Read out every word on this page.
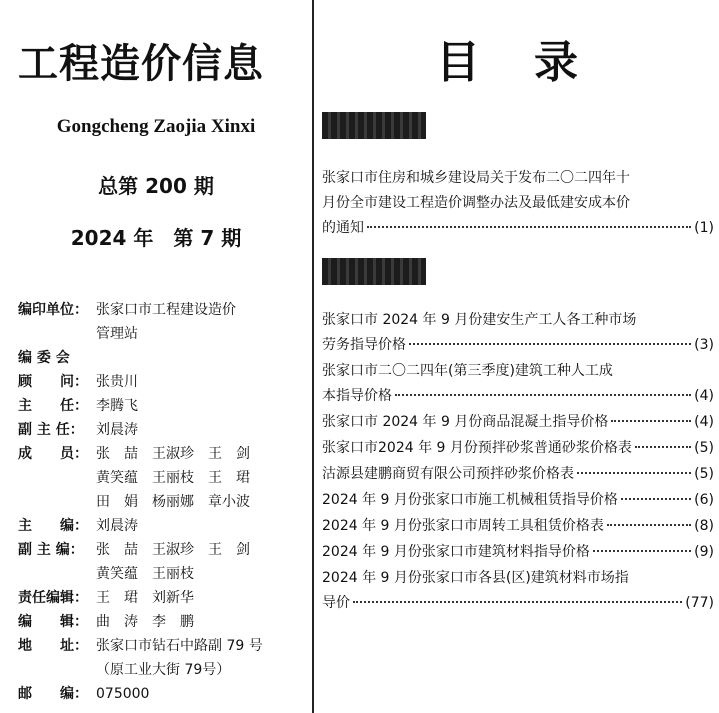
工程造价信息
Gongcheng Zaojia Xinxi
总第 200 期
2024 年　第 7 期
编印单位： 张家口市工程建设造价
管理站
编 委 会

顾　　问： 张贵川
主　　任： 李腾飞
副 主 任： 刘晨涛
成　　员： 张　喆　王淑珍　王　剑
黄笑蕴　王丽枝　王　珺
田　娟　杨丽娜　章小波
主　　编： 刘晨涛
副 主 编： 张　喆　王淑珍　王　剑
黄笑蕴　王丽枝
责任编辑： 王　珺　刘新华
编　　辑： 曲　涛　李　鹏
地　　址： 张家口市钻石中路副 79 号
（原工业大街 79号）
邮　　编： 075000
目录
张家口市住房和城乡建设局关于发布二〇二四年十
月份全市建设工程造价调整办法及最低建安成本价
的通知	(1)
张家口市 2024 年 9 月份建安生产工人各工种市场
劳务指导价格	(3)
张家口市二〇二四年(第三季度)建筑工种人工成
本指导价格	(4)
张家口市 2024 年 9 月份商品混凝土指导价格	(4)
张家口市2024 年 9 月份预拌砂浆普通砂浆价格表	(5)
沽源县建鹏商贸有限公司预拌砂浆价格表	(5)
2024 年 9 月份张家口市施工机械租赁指导价格	(6)
2024 年 9 月份张家口市周转工具租赁价格表	(8)
2024 年 9 月份张家口市建筑材料指导价格	(9)
2024 年 9 月份张家口市各县(区)建筑材料市场指
导价	(77)
